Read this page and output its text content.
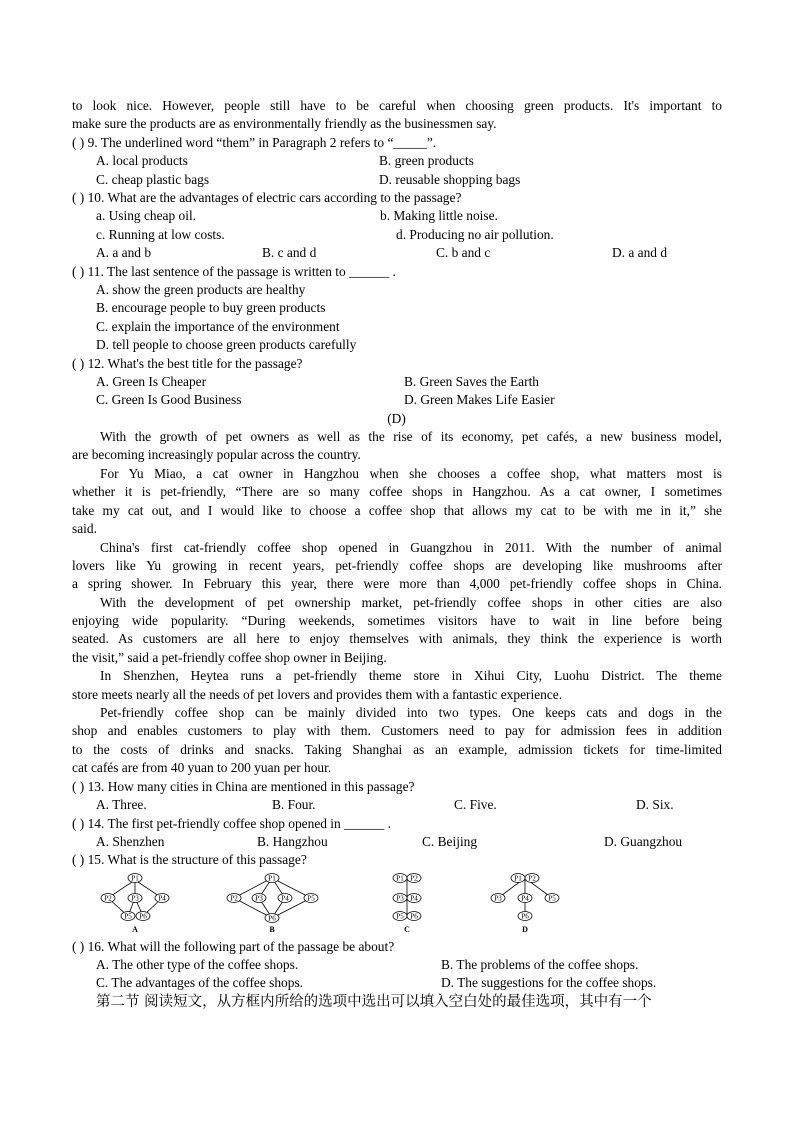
to look nice. However, people still have to be careful when choosing green products. It's important to
make sure the products are as environmentally friendly as the businessmen say.
( ) 9. The underlined word “them” in Paragraph 2 refers to “_____”.
A. local products	B. green products
C. cheap plastic bags	D. reusable shopping bags
( ) 10. What are the advantages of electric cars according to the passage?
a. Using cheap oil.	b. Making little noise.
c. Running at low costs.	d. Producing no air pollution.
A. a and b	B. c and d	C. b and c	D. a and d
( ) 11. The last sentence of the passage is written to ______ .
A. show the green products are healthy
B. encourage people to buy green products
C. explain the importance of the environment
D. tell people to choose green products carefully
( ) 12. What's the best title for the passage?
A. Green Is Cheaper	B. Green Saves the Earth
C. Green Is Good Business	D. Green Makes Life Easier
(D)
With the growth of pet owners as well as the rise of its economy, pet cafés, a new business model,
are becoming increasingly popular across the country.
For Yu Miao, a cat owner in Hangzhou when she chooses a coffee shop, what matters most is
whether it is pet-friendly, “There are so many coffee shops in Hangzhou. As a cat owner, I sometimes
take my cat out, and I would like to choose a coffee shop that allows my cat to be with me in it,” she
said.
China's first cat-friendly coffee shop opened in Guangzhou in 2011. With the number of animal
lovers like Yu growing in recent years, pet-friendly coffee shops are developing like mushrooms after
a spring shower. In February this year, there were more than 4,000 pet-friendly coffee shops in China.
With the development of pet ownership market, pet-friendly coffee shops in other cities are also
enjoying wide popularity. “During weekends, sometimes visitors have to wait in line before being
seated. As customers are all here to enjoy themselves with animals, they think the experience is worth
the visit,” said a pet-friendly coffee shop owner in Beijing.
In Shenzhen, Heytea runs a pet-friendly theme store in Xihui City, Luohu District. The theme
store meets nearly all the needs of pet lovers and provides them with a fantastic experience.
Pet-friendly coffee shop can be mainly divided into two types. One keeps cats and dogs in the
shop and enables customers to play with them. Customers need to pay for admission fees in addition
to the costs of drinks and snacks. Taking Shanghai as an example, admission tickets for time-limited
cat cafés are from 40 yuan to 200 yuan per hour.
( ) 13. How many cities in China are mentioned in this passage?
A. Three.	B. Four.	C. Five.	D. Six.
( ) 14. The first pet-friendly coffee shop opened in ______ .
A. Shenzhen	B. Hangzhou	C. Beijing	D. Guangzhou
( ) 15. What is the structure of this passage?
P1
P2	P3	P4
P5 P6
P1
P2	P3	P4	P5
P6
P1 P2
P3 P4
P5 P6
P1 P2
P3	P4	P5
P6
A	B	C	D
( ) 16. What will the following part of the passage be about?
A. The other type of the coffee shops.	B. The problems of the coffee shops.
C. The advantages of the coffee shops.	D. The suggestions for the coffee shops.
第二节 阅读短文，从方框内所给的选项中选出可以填入空白处的最佳选项，其中有一个
